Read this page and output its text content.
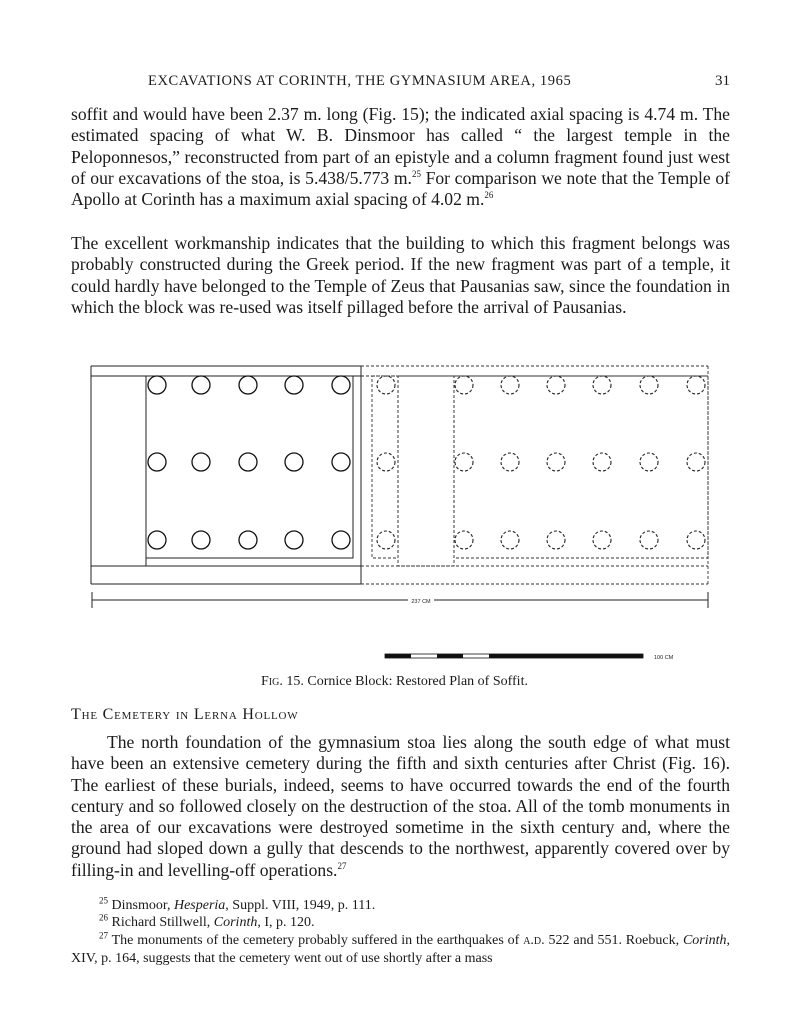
EXCAVATIONS AT CORINTH, THE GYMNASIUM AREA, 1965	31

soffit and would have been 2.37 m. long (Fig. 15); the indicated axial spacing is 4.74 m. The estimated spacing of what W. B. Dinsmoor has called “ the largest temple in the Peloponnesos,” reconstructed from part of an epistyle and a column fragment found just west of our excavations of the stoa, is 5.438/5.773 m.$^{25}$ For comparison we note that the Temple of Apollo at Corinth has a maximum axial spacing of 4.02 m.$^{26}$

The excellent workmanship indicates that the building to which this fragment belongs was probably constructed during the Greek period. If the new fragment was part of a temple, it could hardly have belonged to the Temple of Zeus that Pausanias saw, since the foundation in which the block was re-used was itself pillaged before the arrival of Pausanias.

237 CM
100 CM
Fig. 15. Cornice Block: Restored Plan of Soffit.
The Cemetery in Lerna Hollow

The north foundation of the gymnasium stoa lies along the south edge of what must have been an extensive cemetery during the fifth and sixth centuries after Christ (Fig. 16). The earliest of these burials, indeed, seems to have occurred towards the end of the fourth century and so followed closely on the destruction of the stoa. All of the tomb monuments in the area of our excavations were destroyed sometime in the sixth century and, where the ground had sloped down a gully that descends to the northwest, apparently covered over by filling-in and levelling-off operations.$^{27}$

$^{25}$ Dinsmoor, Hesperia, Suppl. VIII, 1949, p. 111.

$^{26}$ Richard Stillwell, Corinth, I, p. 120.

$^{27}$ The monuments of the cemetery probably suffered in the earthquakes of a.d. 522 and 551. Roebuck, Corinth, XIV, p. 164, suggests that the cemetery went out of use shortly after a mass
